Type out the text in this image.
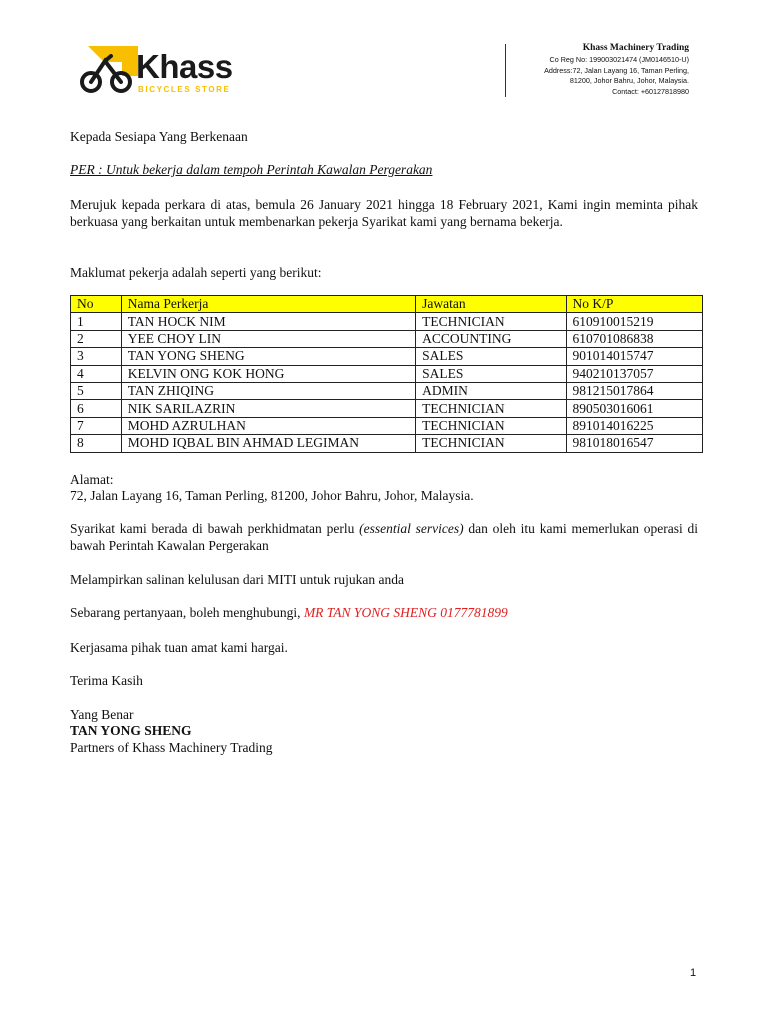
Khass
BICYCLES STORE
Khass Machinery Trading
Co Reg No: 199003021474 (JM0146510-U)
Address:72, Jalan Layang 16, Taman Perling,
81200, Johor Bahru, Johor, Malaysia.
Contact: +60127818980
Kepada Sesiapa Yang Berkenaan
PER : Untuk bekerja dalam tempoh Perintah Kawalan Pergerakan
Merujuk kepada perkara di atas, bemula 26 January 2021 hingga 18 February 2021, Kami ingin meminta pihak berkuasa yang berkaitan untuk membenarkan pekerja Syarikat kami yang bernama bekerja.
Maklumat pekerja adalah seperti yang berikut:
No	Nama Perkerja	Jawatan	No K/P
1	TAN HOCK NIM	TECHNICIAN	610910015219
2	YEE CHOY LIN	ACCOUNTING	610701086838
3	TAN YONG SHENG	SALES	901014015747
4	KELVIN ONG KOK HONG	SALES	940210137057
5	TAN ZHIQING	ADMIN	981215017864
6	NIK SARILAZRIN	TECHNICIAN	890503016061
7	MOHD AZRULHAN	TECHNICIAN	891014016225
8	MOHD IQBAL BIN AHMAD LEGIMAN	TECHNICIAN	981018016547
Alamat:
72, Jalan Layang 16, Taman Perling, 81200, Johor Bahru, Johor, Malaysia.
Syarikat kami berada di bawah perkhidmatan perlu (essential services) dan oleh itu kami memerlukan operasi di bawah Perintah Kawalan Pergerakan
Melampirkan salinan kelulusan dari MITI untuk rujukan anda
Sebarang pertanyaan, boleh menghubungi, MR TAN YONG SHENG 0177781899
Kerjasama pihak tuan amat kami hargai.
Terima Kasih
Yang Benar
TAN YONG SHENG
Partners of Khass Machinery Trading
1
